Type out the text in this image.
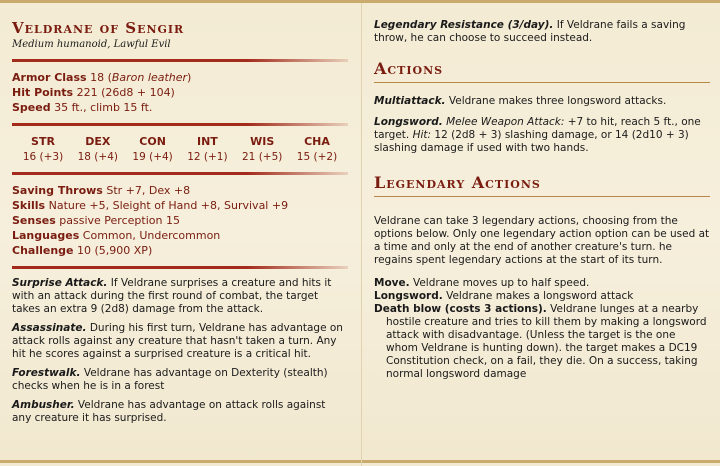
Veldrane of Sengir

Medium humanoid, Lawful Evil

Armor Class 18 (Baron leather)
Hit Points 221 (26d8 + 104)
Speed 35 ft., climb 15 ft.
STR
16 (+3)
DEX
18 (+4)
CON
19 (+4)
INT
12 (+1)
WIS
21 (+5)
CHA
15 (+2)
Saving Throws Str +7, Dex +8
Skills Nature +5, Sleight of Hand +8, Survival +9
Senses passive Perception 15
Languages Common, Undercommon
Challenge 10 (5,900 XP)

Surprise Attack. If Veldrane surprises a creature and hits it with an attack during the first round of combat, the target takes an extra 9 (2d8) damage from the attack.

Assassinate. During his first turn, Veldrane has advantage on attack rolls against any creature that hasn't taken a turn. Any hit he scores against a surprised creature is a critical hit.

Forestwalk. Veldrane has advantage on Dexterity (stealth) checks when he is in a forest

Ambusher. Veldrane has advantage on attack rolls against any creature it has surprised.

Legendary Resistance (3/day). If Veldrane fails a saving throw, he can choose to succeed instead.

Actions

Multiattack. Veldrane makes three longsword attacks.

Longsword. Melee Weapon Attack: +7 to hit, reach 5 ft., one target. Hit: 12 (2d8 + 3) slashing damage, or 14 (2d10 + 3) slashing damage if used with two hands.

Legendary Actions

Veldrane can take 3 legendary actions, choosing from the options below. Only one legendary action option can be used at a time and only at the end of another creature's turn. he regains spent legendary actions at the start of its turn.

Move. Veldrane moves up to half speed.

Longsword. Veldrane makes a longsword attack

Death blow (costs 3 actions). Veldrane lunges at a nearby hostile creature and tries to kill them by making a longsword attack with disadvantage. (Unless the target is the one whom Veldrane is hunting down). the target makes a DC19 Constitution check, on a fail, they die. On a success, taking normal longsword damage
